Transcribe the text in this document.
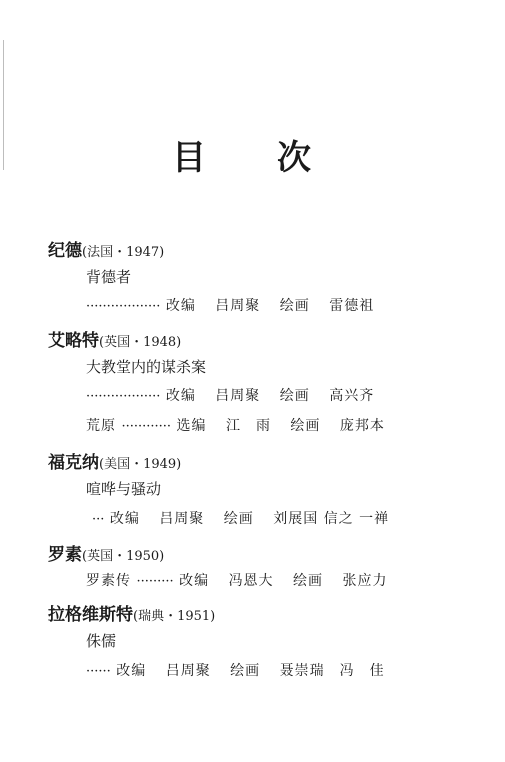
目 次
纪德(法国・1947)
背德者
·················· 改编 吕周聚 绘画 雷德祖
艾略特(英国・1948)
大教堂内的谋杀案
·················· 改编 吕周聚 绘画 高兴齐
荒原 ············ 选编 江　雨 绘画 庞邦本
福克纳(美国・1949)
喧哗与骚动
··· 改编 吕周聚 绘画 刘展国 信之 一禅
罗素(英国・1950)
罗素传 ········· 改编 冯恩大 绘画 张应力
拉格维斯特(瑞典・1951)
侏儒
······ 改编 吕周聚 绘画 聂崇瑞　冯　佳
